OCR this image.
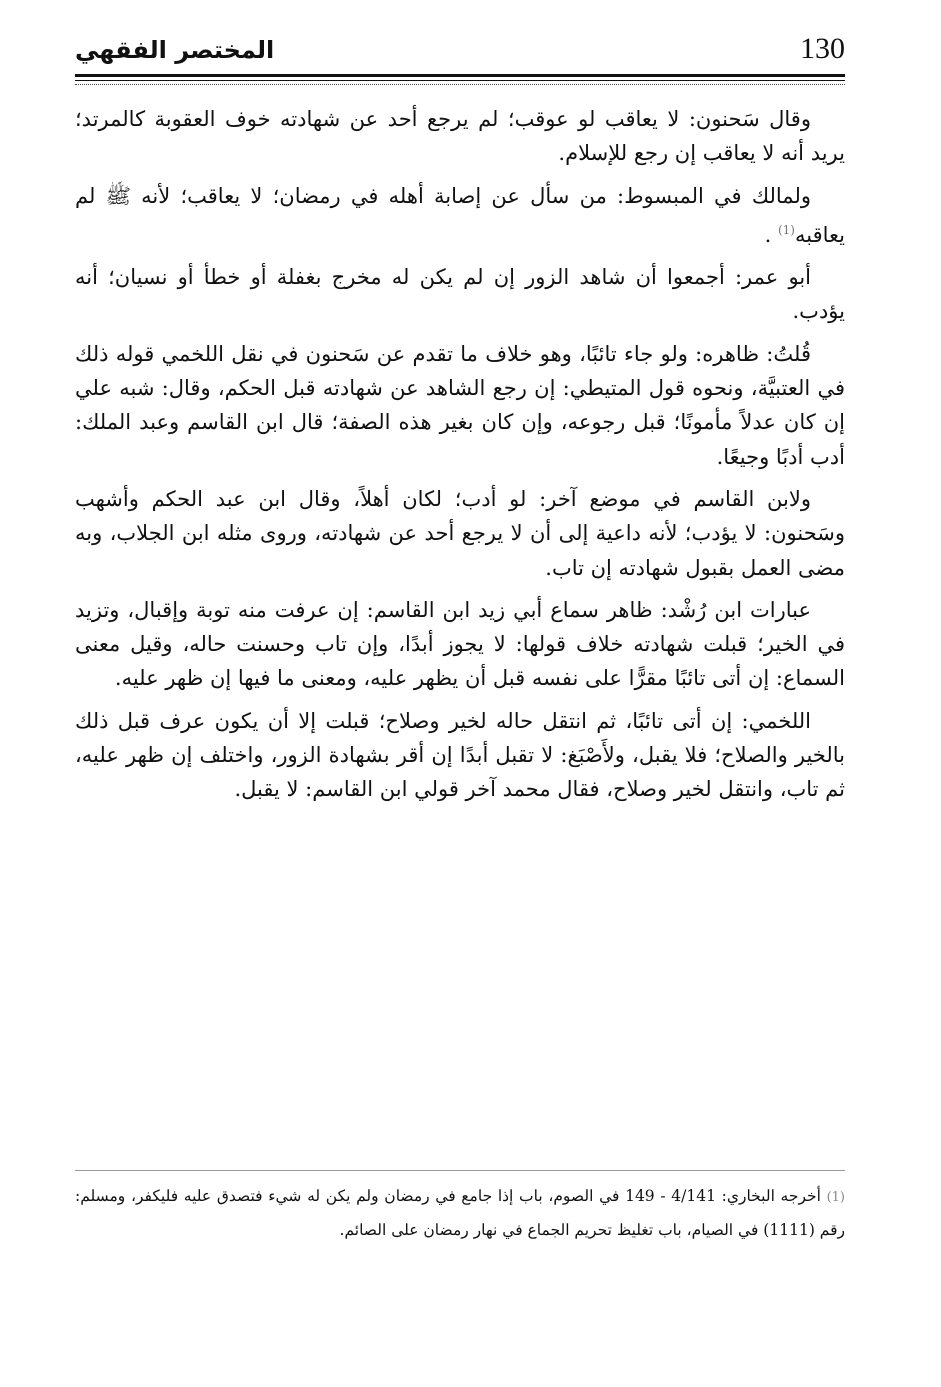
130
المختصر الفقهي

وقال سَحنون: لا يعاقب لو عوقب؛ لم يرجع أحد عن شهادته خوف العقوبة كالمرتد؛ يريد أنه لا يعاقب إن رجع للإسلام.

ولمالك في المبسوط: من سأل عن إصابة أهله في رمضان؛ لا يعاقب؛ لأنه ﷺ لم يعاقبه$^{(1)}$ .

أبو عمر: أجمعوا أن شاهد الزور إن لم يكن له مخرج بغفلة أو خطأ أو نسيان؛ أنه يؤدب.

قُلتُ: ظاهره: ولو جاء تائبًا، وهو خلاف ما تقدم عن سَحنون في نقل اللخمي قوله ذلك في العتبيَّة، ونحوه قول المتيطي: إن رجع الشاهد عن شهادته قبل الحكم، وقال: شبه علي إن كان عدلاً مأمونًا؛ قبل رجوعه، وإن كان بغير هذه الصفة؛ قال ابن القاسم وعبد الملك: أدب أدبًا وجيعًا.

ولابن القاسم في موضع آخر: لو أدب؛ لكان أهلاً، وقال ابن عبد الحكم وأشهب وسَحنون: لا يؤدب؛ لأنه داعية إلى أن لا يرجع أحد عن شهادته، وروى مثله ابن الجلاب، وبه مضى العمل بقبول شهادته إن تاب.

عبارات ابن رُشْد: ظاهر سماع أبي زيد ابن القاسم: إن عرفت منه توبة وإقبال، وتزيد في الخير؛ قبلت شهادته خلاف قولها: لا يجوز أبدًا، وإن تاب وحسنت حاله، وقيل معنى السماع: إن أتى تائبًا مقرًّا على نفسه قبل أن يظهر عليه، ومعنى ما فيها إن ظهر عليه.

اللخمي: إن أتى تائبًا، ثم انتقل حاله لخير وصلاح؛ قبلت إلا أن يكون عرف قبل ذلك بالخير والصلاح؛ فلا يقبل، ولأَصْبَغ: لا تقبل أبدًا إن أقر بشهادة الزور، واختلف إن ظهر عليه، ثم تاب، وانتقل لخير وصلاح، فقال محمد آخر قولي ابن القاسم: لا يقبل.

(1) أخرجه البخاري: 4/141 - 149 في الصوم، باب إذا جامع في رمضان ولم يكن له شيء فتصدق عليه فليكفر، ومسلم: رقم (1111) في الصيام، باب تغليظ تحريم الجماع في نهار رمضان على الصائم.
